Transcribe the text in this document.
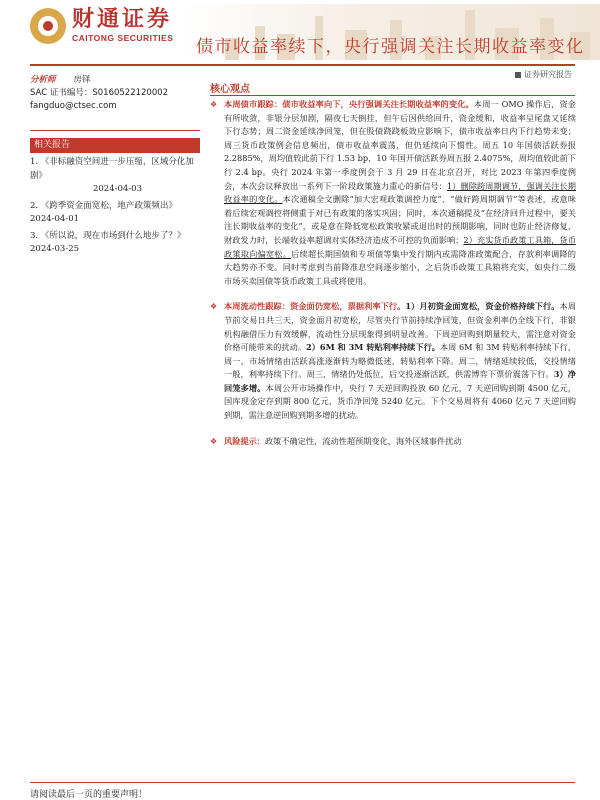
财通证券
CAITONG SECURITIES 债市收益率续下，央行强调关注长期收益率变化
证券研究报告
分析师 房铎
SAC 证书编号：S0160522120002
fangduo@ctsec.com
相关报告
1. 《非标融资空间进一步压缩，区域分化加剧》
2024-04-03
2. 《跨季资金面宽松，地产政策频出》
2024-04-01
3. 《所以说，现在市场到什么地步了？》
2024-03-25
核心观点
❖ 本周债市跟踪：债市收益率向下，央行强调关注长期收益率的变化。本周一 OMO 操作后，资金有所收敛，非银分层加剧，隔夜七天倒挂，但午后因供给回升，资金缓和，收益率呈尾盘又延续下行态势；周二资金延续净回笼，但在股债跷跷板效应影响下，债市收益率日内下行趋势未变；周三货币政策例会信息频出，债市收益率震荡，但仍延续向下惯性。周五 10 年国债活跃券报 2.2885%，周均值较此前下行 1.53 bp，10 年国开债活跃券周五报 2.4075%，周均值较此前下行 2.4 bp。央行 2024 年第一季度例会于 3 月 29 日在北京召开，对比 2023 年第四季度例会，本次会议释放出一系列下一阶段政策施力重心的新信号：1）删除跨周期调节，强调关注长期收益率的变化。本次通稿全文删除“加大宏观政策调控力度”、“做好跨周期调节”等表述，或意味着后续宏观调控将侧重于对已有政策的落实巩固；同时，本次通稿提及“在经济回升过程中，要关注长期收益率的变化”，或是意在降低宽松政策收紧或退出时的预期影响，同时也防止经济修复、财政发力时，长端收益率超调对实体经济造成不可控的负面影响；2）充实货币政策工具箱，货币政策取向偏宽松。后续超长期国债和专项债等集中发行期内或需降准政策配合，存款利率调降的大趋势亦不变。同时考虑到当前降准息空间逐步缩小，之后货币政策工具箱将充实，如央行二级市场买卖国债等货币政策工具或将使用。
❖ 本周流动性跟踪：资金面仍宽松，票据利率下行。1）月初资金面宽松，资金价格持续下行。本周节前交易日共三天，资金面月初宽松，尽管央行节前持续净回笼，但资金利率仍全线下行，非银机构融借压力有效缓解，流动性分层现象得到明显改善。下周逆回购到期量较大，需注意对资金价格可能带来的扰动。2）6M 和 3M 转贴利率持续下行。本周 6M 和 3M 转贴利率持续下行，周一，市场情绪由活跃高涨逐渐转为略微低迷，转贴利率下降。周二，情绪延续较低，交投情绪一般，利率持续下行。周三，情绪仍处低位，后交投逐渐活跃，供需博弈下票价震荡下行。3）净回笼多增。本周公开市场操作中，央行 7 天逆回购投放 60 亿元，7 天逆回购到期 4500 亿元，国库现金定存到期 800 亿元，货币净回笼 5240 亿元。下个交易周将有 4060 亿元 7 天逆回购到期，需注意逆回购到期多增的扰动。
❖ 风险提示：政策不确定性，流动性超预期变化，海外区域事件扰动
请阅读最后一页的重要声明！
